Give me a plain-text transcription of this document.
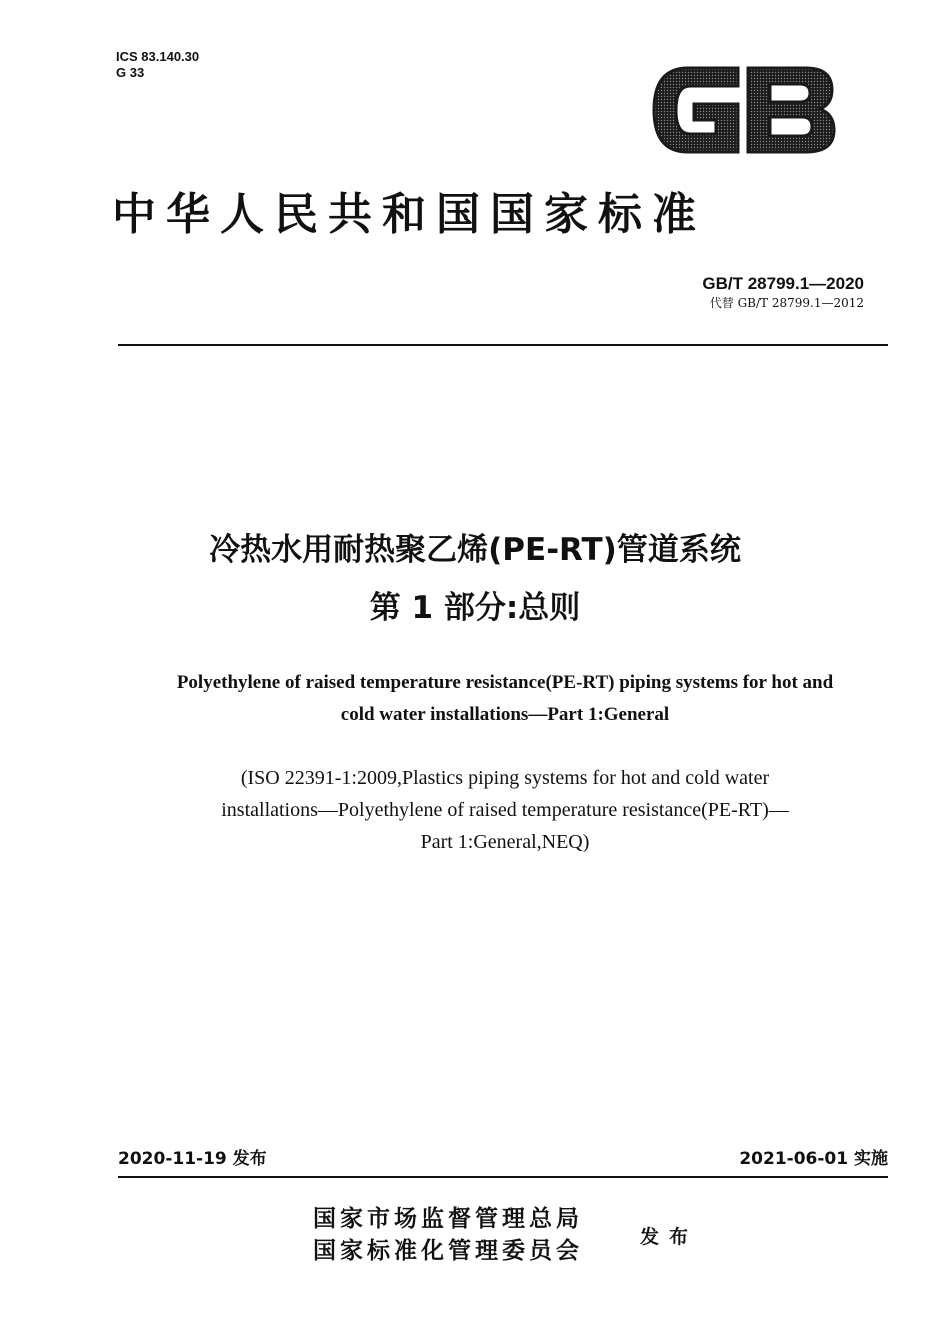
ICS 83.140.30
G 33
中华人民共和国国家标准
GB/T 28799.1—2020
代替 GB/T 28799.1—2012
冷热水用耐热聚乙烯(PE-RT)管道系统
第 1 部分:总则
Polyethylene of raised temperature resistance(PE-RT) piping systems for hot and
cold water installations—Part 1:General
(ISO 22391-1:2009,Plastics piping systems for hot and cold water
installations—Polyethylene of raised temperature resistance(PE-RT)—
Part 1:General,NEQ)
2020-11-19 发布	2021-06-01 实施
国家市场监督管理总局
国家标准化管理委员会	发布
